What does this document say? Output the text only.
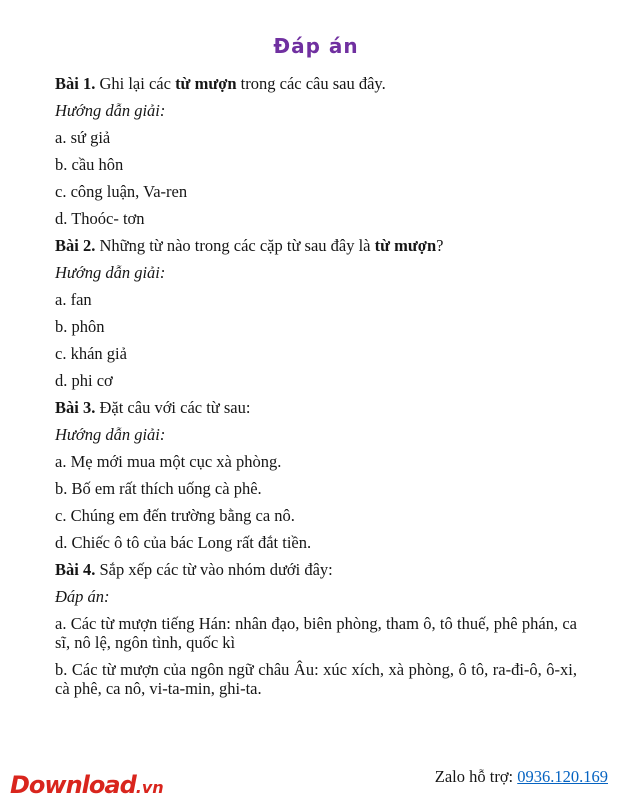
Đáp án

Bài 1. Ghi lại các từ mượn trong các câu sau đây.

Hướng dẫn giải:

a. sứ giả

b. cầu hôn

c. công luận, Va-ren

d. Thoóc- tơn

Bài 2. Những từ nào trong các cặp từ sau đây là từ mượn?

Hướng dẫn giải:

a. fan

b. phôn

c. khán giả

d. phi cơ

Bài 3. Đặt câu với các từ sau:

Hướng dẫn giải:

a. Mẹ mới mua một cục xà phòng.

b. Bố em rất thích uống cà phê.

c. Chúng em đến trường bằng ca nô.

d. Chiếc ô tô của bác Long rất đắt tiền.

Bài 4. Sắp xếp các từ vào nhóm dưới đây:

Đáp án:

a. Các từ mượn tiếng Hán: nhân đạo, biên phòng, tham ô, tô thuế, phê phán, ca sĩ, nô lệ, ngôn tình, quốc kì

b. Các từ mượn của ngôn ngữ châu Âu: xúc xích, xà phòng, ô tô, ra-đi-ô, ô-xi, cà phê, ca nô, vi-ta-min, ghi-ta.

Download.vn
Zalo hỗ trợ: 0936.120.169
